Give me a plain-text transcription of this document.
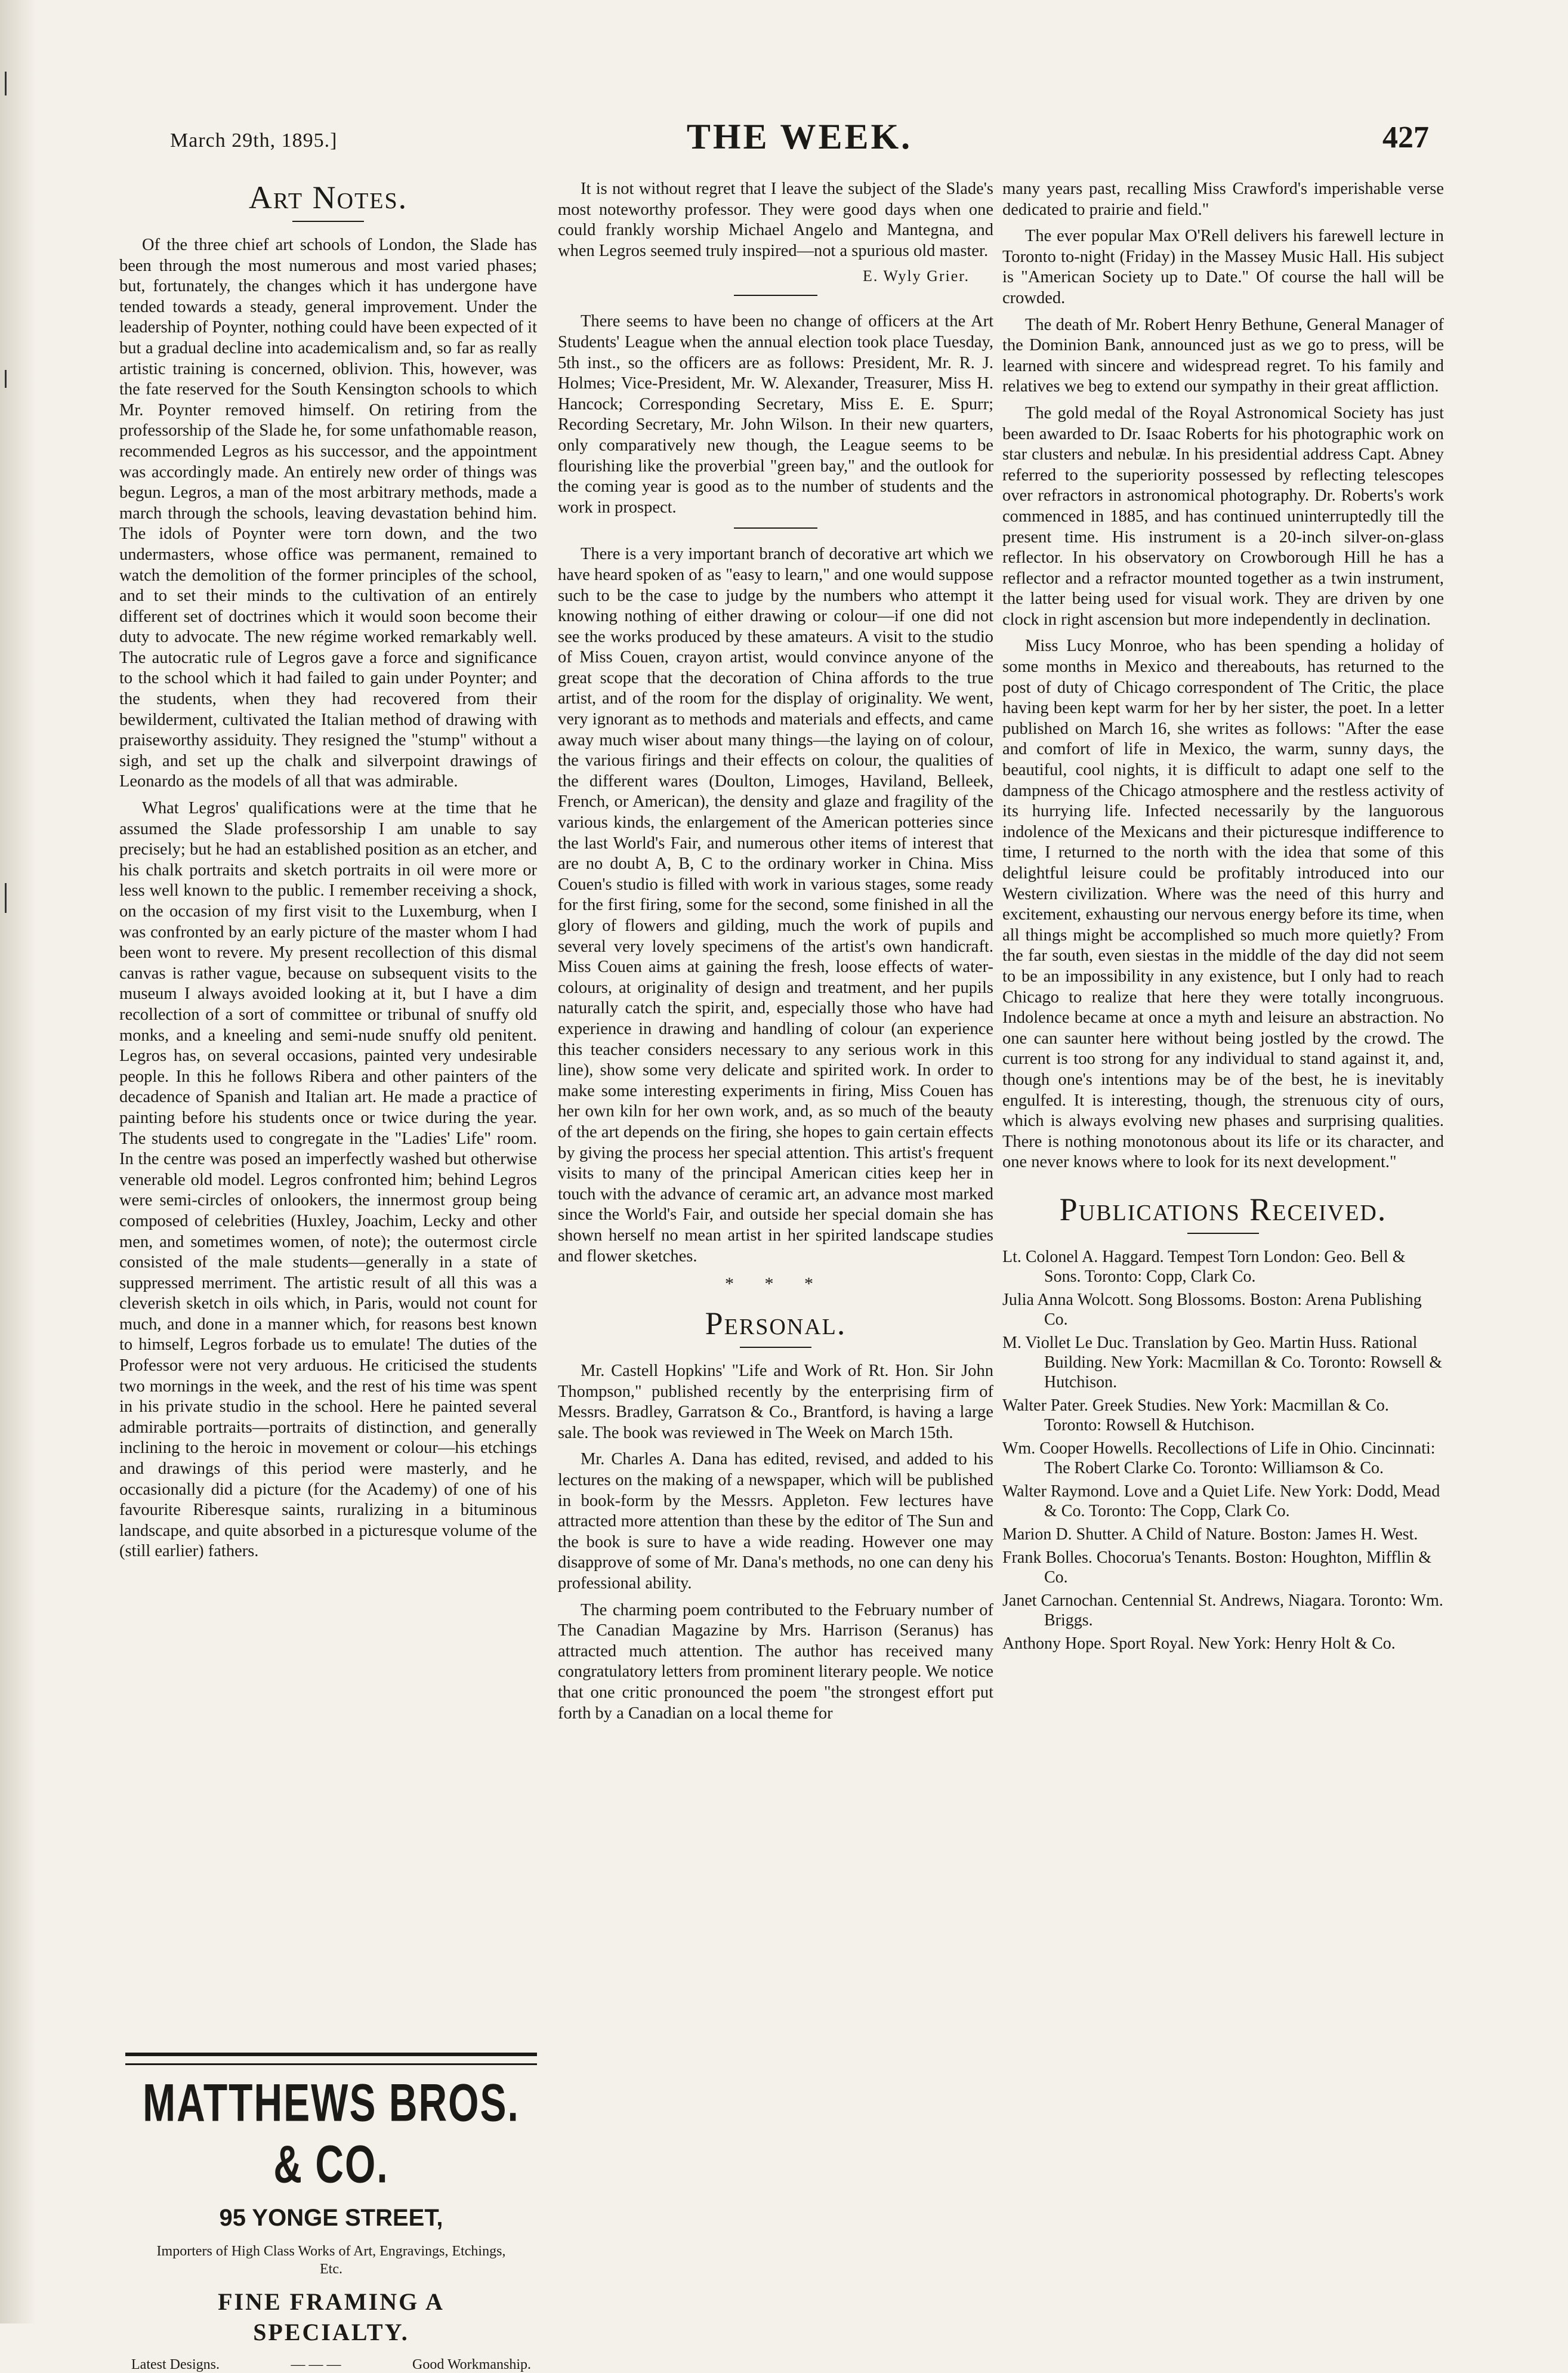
March 29th, 1895.]	THE WEEK.	427
Art Notes.

Of the three chief art schools of London, the Slade has been through the most numerous and most varied phases; but, fortunately, the changes which it has undergone have tended towards a steady, general improvement. Under the leadership of Poynter, nothing could have been expected of it but a gradual decline into academicalism and, so far as really artistic training is concerned, oblivion. This, however, was the fate reserved for the South Kensington schools to which Mr. Poynter removed himself. On retiring from the professorship of the Slade he, for some unfathomable reason, recommended Legros as his successor, and the appointment was accordingly made. An entirely new order of things was begun. Legros, a man of the most arbitrary methods, made a march through the schools, leaving devastation behind him. The idols of Poynter were torn down, and the two undermasters, whose office was permanent, remained to watch the demolition of the former principles of the school, and to set their minds to the cultivation of an entirely different set of doctrines which it would soon become their duty to advocate. The new régime worked remarkably well. The autocratic rule of Legros gave a force and significance to the school which it had failed to gain under Poynter; and the students, when they had recovered from their bewilderment, cultivated the Italian method of drawing with praiseworthy assiduity. They resigned the "stump" without a sigh, and set up the chalk and silverpoint drawings of Leonardo as the models of all that was admirable.

What Legros' qualifications were at the time that he assumed the Slade professorship I am unable to say precisely; but he had an established position as an etcher, and his chalk portraits and sketch portraits in oil were more or less well known to the public. I remember receiving a shock, on the occasion of my first visit to the Luxemburg, when I was confronted by an early picture of the master whom I had been wont to revere. My present recollection of this dismal canvas is rather vague, because on subsequent visits to the museum I always avoided looking at it, but I have a dim recollection of a sort of committee or tribunal of snuffy old monks, and a kneeling and semi-nude snuffy old penitent. Legros has, on several occasions, painted very undesirable people. In this he follows Ribera and other painters of the decadence of Spanish and Italian art. He made a practice of painting before his students once or twice during the year. The students used to congregate in the "Ladies' Life" room. In the centre was posed an imperfectly washed but otherwise venerable old model. Legros confronted him; behind Legros were semi-circles of onlookers, the innermost group being composed of celebrities (Huxley, Joachim, Lecky and other men, and sometimes women, of note); the outermost circle consisted of the male students—generally in a state of suppressed merriment. The artistic result of all this was a cleverish sketch in oils which, in Paris, would not count for much, and done in a manner which, for reasons best known to himself, Legros forbade us to emulate! The duties of the Professor were not very arduous. He criticised the students two mornings in the week, and the rest of his time was spent in his private studio in the school. Here he painted several admirable portraits—portraits of distinction, and generally inclining to the heroic in movement or colour—his etchings and drawings of this period were masterly, and he occasionally did a picture (for the Academy) of one of his favourite Riberesque saints, ruralizing in a bituminous landscape, and quite absorbed in a picturesque volume of the (still earlier) fathers.

MATTHEWS BROS. & CO.
95 YONGE STREET,
Importers of High Class Works of Art, Engravings, Etchings, Etc.
FINE FRAMING A
SPECIALTY.
Latest Designs.	— — —	Good Workmanship.

It is not without regret that I leave the subject of the Slade's most noteworthy professor. They were good days when one could frankly worship Michael Angelo and Mantegna, and when Legros seemed truly inspired—not a spurious old master.

E. Wyly Grier.

There seems to have been no change of officers at the Art Students' League when the annual election took place Tuesday, 5th inst., so the officers are as follows: President, Mr. R. J. Holmes; Vice-President, Mr. W. Alexander, Treasurer, Miss H. Hancock; Corresponding Secretary, Miss E. E. Spurr; Recording Secretary, Mr. John Wilson. In their new quarters, only comparatively new though, the League seems to be flourishing like the proverbial "green bay," and the outlook for the coming year is good as to the number of students and the work in prospect.

There is a very important branch of decorative art which we have heard spoken of as "easy to learn," and one would suppose such to be the case to judge by the numbers who attempt it knowing nothing of either drawing or colour—if one did not see the works produced by these amateurs. A visit to the studio of Miss Couen, crayon artist, would convince anyone of the great scope that the decoration of China affords to the true artist, and of the room for the display of originality. We went, very ignorant as to methods and materials and effects, and came away much wiser about many things—the laying on of colour, the various firings and their effects on colour, the qualities of the different wares (Doulton, Limoges, Haviland, Belleek, French, or American), the density and glaze and fragility of the various kinds, the enlargement of the American potteries since the last World's Fair, and numerous other items of interest that are no doubt A, B, C to the ordinary worker in China. Miss Couen's studio is filled with work in various stages, some ready for the first firing, some for the second, some finished in all the glory of flowers and gilding, much the work of pupils and several very lovely specimens of the artist's own handicraft. Miss Couen aims at gaining the fresh, loose effects of water-colours, at originality of design and treatment, and her pupils naturally catch the spirit, and, especially those who have had experience in drawing and handling of colour (an experience this teacher considers necessary to any serious work in this line), show some very delicate and spirited work. In order to make some interesting experiments in firing, Miss Couen has her own kiln for her own work, and, as so much of the beauty of the art depends on the firing, she hopes to gain certain effects by giving the process her special attention. This artist's frequent visits to many of the principal American cities keep her in touch with the advance of ceramic art, an advance most marked since the World's Fair, and outside her special domain she has shown herself no mean artist in her spirited landscape studies and flower sketches.

* * *
Personal.

Mr. Castell Hopkins' "Life and Work of Rt. Hon. Sir John Thompson," published recently by the enterprising firm of Messrs. Bradley, Garratson & Co., Brantford, is having a large sale. The book was reviewed in The Week on March 15th.

Mr. Charles A. Dana has edited, revised, and added to his lectures on the making of a newspaper, which will be published in book-form by the Messrs. Appleton. Few lectures have attracted more attention than these by the editor of The Sun and the book is sure to have a wide reading. However one may disapprove of some of Mr. Dana's methods, no one can deny his professional ability.

The charming poem contributed to the February number of The Canadian Magazine by Mrs. Harrison (Seranus) has attracted much attention. The author has received many congratulatory letters from prominent literary people. We notice that one critic pronounced the poem "the strongest effort put forth by a Canadian on a local theme for

many years past, recalling Miss Crawford's imperishable verse dedicated to prairie and field."

The ever popular Max O'Rell delivers his farewell lecture in Toronto to-night (Friday) in the Massey Music Hall. His subject is "American Society up to Date." Of course the hall will be crowded.

The death of Mr. Robert Henry Bethune, General Manager of the Dominion Bank, announced just as we go to press, will be learned with sincere and widespread regret. To his family and relatives we beg to extend our sympathy in their great affliction.

The gold medal of the Royal Astronomical Society has just been awarded to Dr. Isaac Roberts for his photographic work on star clusters and nebulæ. In his presidential address Capt. Abney referred to the superiority possessed by reflecting telescopes over refractors in astronomical photography. Dr. Roberts's work commenced in 1885, and has continued uninterruptedly till the present time. His instrument is a 20-inch silver-on-glass reflector. In his observatory on Crowborough Hill he has a reflector and a refractor mounted together as a twin instrument, the latter being used for visual work. They are driven by one clock in right ascension but more independently in declination.

Miss Lucy Monroe, who has been spending a holiday of some months in Mexico and thereabouts, has returned to the post of duty of Chicago correspondent of The Critic, the place having been kept warm for her by her sister, the poet. In a letter published on March 16, she writes as follows: "After the ease and comfort of life in Mexico, the warm, sunny days, the beautiful, cool nights, it is difficult to adapt one self to the dampness of the Chicago atmosphere and the restless activity of its hurrying life. Infected necessarily by the languorous indolence of the Mexicans and their picturesque indifference to time, I returned to the north with the idea that some of this delightful leisure could be profitably introduced into our Western civilization. Where was the need of this hurry and excitement, exhausting our nervous energy before its time, when all things might be accomplished so much more quietly? From the far south, even siestas in the middle of the day did not seem to be an impossibility in any existence, but I only had to reach Chicago to realize that here they were totally incongruous. Indolence became at once a myth and leisure an abstraction. No one can saunter here without being jostled by the crowd. The current is too strong for any individual to stand against it, and, though one's intentions may be of the best, he is inevitably engulfed. It is interesting, though, the strenuous city of ours, which is always evolving new phases and surprising qualities. There is nothing monotonous about its life or its character, and one never knows where to look for its next development."

Publications Received.
Lt. Colonel A. Haggard. Tempest Torn London: Geo. Bell & Sons. Toronto: Copp, Clark Co.
Julia Anna Wolcott. Song Blossoms. Boston: Arena Publishing Co.
M. Viollet Le Duc. Translation by Geo. Martin Huss. Rational Building. New York: Macmillan & Co. Toronto: Rowsell & Hutchison.
Walter Pater. Greek Studies. New York: Macmillan & Co. Toronto: Rowsell & Hutchison.
Wm. Cooper Howells. Recollections of Life in Ohio. Cincinnati: The Robert Clarke Co. Toronto: Williamson & Co.
Walter Raymond. Love and a Quiet Life. New York: Dodd, Mead & Co. Toronto: The Copp, Clark Co.
Marion D. Shutter. A Child of Nature. Boston: James H. West.
Frank Bolles. Chocorua's Tenants. Boston: Houghton, Mifflin & Co.
Janet Carnochan. Centennial St. Andrews, Niagara. Toronto: Wm. Briggs.
Anthony Hope. Sport Royal. New York: Henry Holt & Co.
